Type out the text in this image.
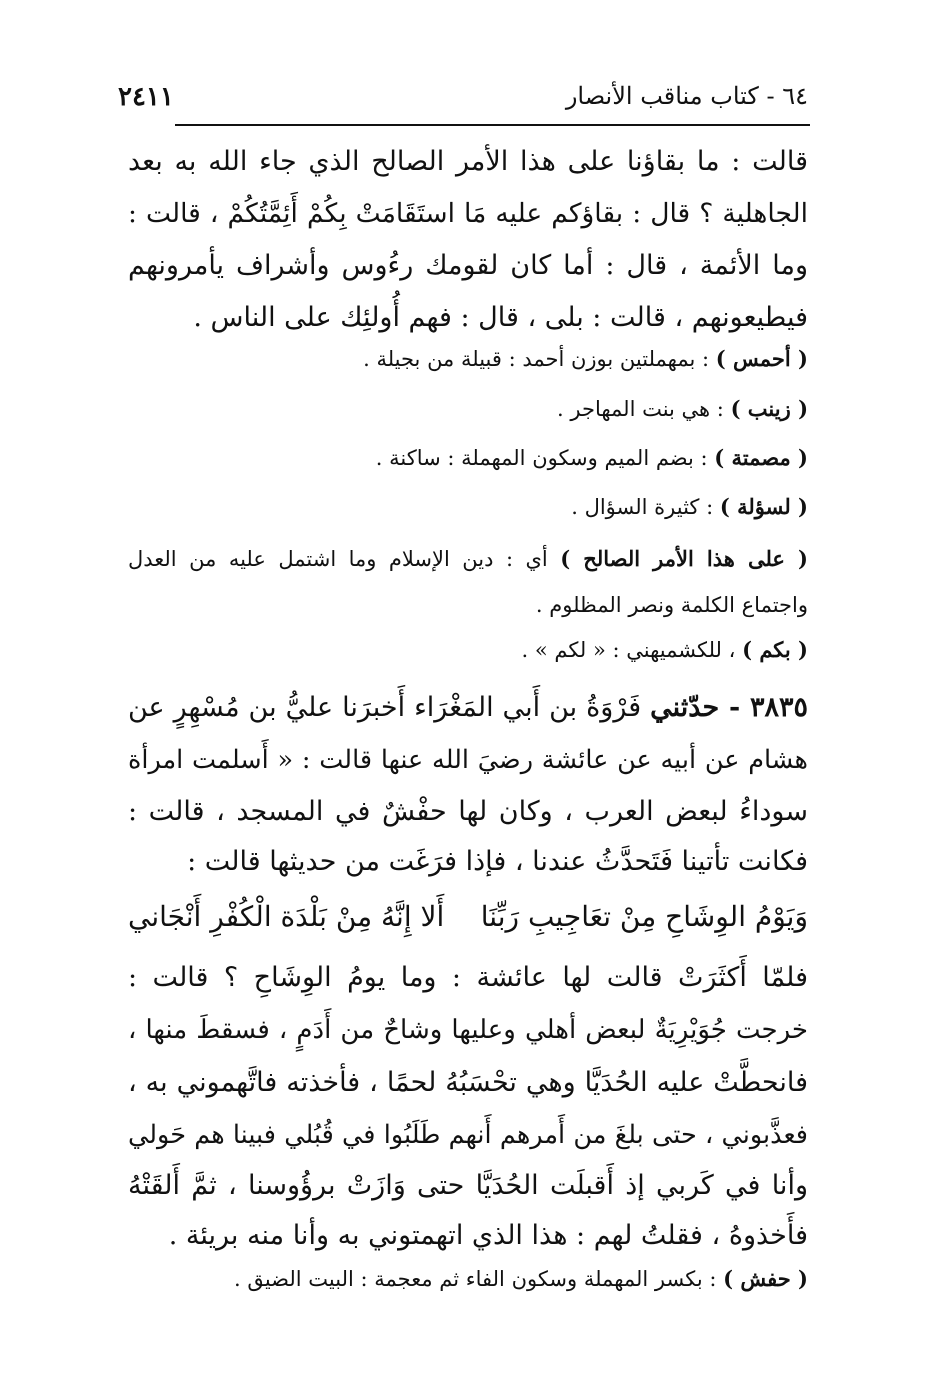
٦٤ - كتاب مناقب الأنصار
٢٤١١
قالت : ما بقاؤنا على هذا الأمر الصالح الذي جاء الله به بعد
الجاهلية ؟ قال : بقاؤكم عليه مَا استَقَامَتْ بِكُمْ أَئِمَّتُكُمْ ، قالت :
وما الأئمة ، قال : أما كان لقومك رءُوس وأشراف يأمرونهم
فيطيعونهم ، قالت : بلى ، قال : فهم أُولئِك على الناس .
( أحمس ) : بمهملتين بوزن أحمد : قبيلة من بجيلة .
( زينب ) : هي بنت المهاجر .
( مصمتة ) : بضم الميم وسكون المهملة : ساكنة .
( لسؤلة ) : كثيرة السؤال .
( على هذا الأمر الصالح ) أي : دين الإسلام وما اشتمل عليه من العدل
واجتماع الكلمة ونصر المظلوم .
( بكم ) ، للكشميهني : « لكم » .
٣٨٣٥ - حدّثني فَرْوَةُ بن أَبي المَغْرَاء أَخبرَنا عليُّ بن مُسْهِرٍ عن
هشام عن أبيه عن عائشة رضيَ الله عنها قالت : « أَسلمت امرأة
سوداءُ لبعض العرب ، وكان لها حفْشٌ في المسجد ، قالت :
فكانت تأتينا فَتَحدَّثُ عندنا ، فإذا فرَغَت من حديثها قالت :
وَيَوْمُ الوِشَاحِ مِنْ تعَاجِيبِ رَبِّنَا
أَلا إِنَّهُ مِنْ بَلْدَة الْكُفْرِ أَنْجَاني
فلمّا أَكثَرَتْ قالت لها عائشة : وما يومُ الوِشَاحِ ؟ قالت :
خرجت جُوَيْرِيَةٌ لبعض أهلي وعليها وشاحٌ من أَدَمٍ ، فسقطَ منها ،
فانحطَّتْ عليه الحُدَيَّا وهي تحْسَبُهُ لحمًا ، فأخذته فاتَّهموني به ،
فعذَّبوني ، حتى بلغَ من أَمرهم أَنهم طَلَبُوا في قُبُلي فبينا هم حَولي
وأنا في كَربي إذ أَقبلَت الحُدَيَّا حتى وَازَتْ برؤُوسنا ، ثمَّ أَلقَتْهُ
فأَخذوهُ ، فقلتُ لهم : هذا الذي اتهمتوني به وأنا منه بريئة .
( حفش ) : بكسر المهملة وسكون الفاء ثم معجمة : البيت الضيق .
